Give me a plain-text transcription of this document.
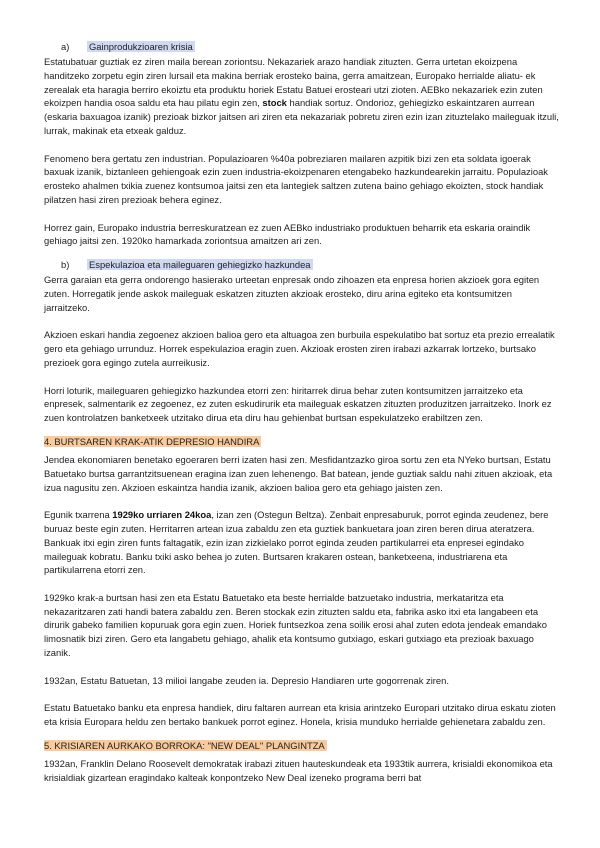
a) Gainprodukzioaren krisia

Estatubatuar guztiak ez ziren maila berean zoriontsu. Nekazariek arazo handiak zituzten. Gerra urtetan ekoizpena handitzeko zorpetu egin ziren lursail eta makina berriak erosteko baina, gerra amaitzean, Europako herrialde aliatu- ek zerealak eta haragia berriro ekoiztu eta produktu horiek Estatu Batuei erosteari utzi zioten. AEBko nekazariek ezin zuten ekoizpen handia osoa saldu eta hau pilatu egin zen, stock handiak sortuz. Ondorioz, gehiegizko eskaintzaren aurrean (eskaria baxuagoa izanik) prezioak bizkor jaitsen ari ziren eta nekazariak pobretu ziren ezin izan zituztelako maileguak itzuli, lurrak, makinak eta etxeak galduz.

Fenomeno bera gertatu zen industrian. Populazioaren %40a pobreziaren mailaren azpitik bizi zen eta soldata igoerak baxuak izanik, biztanleen gehiengoak ezin zuen industria-ekoizpenaren etengabeko hazkundearekin jarraitu. Populazioak erosteko ahalmen txikia zuenez kontsumoa jaitsi zen eta lantegiek saltzen zutena baino gehiago ekoizten, stock handiak pilatzen hasi ziren prezioak behera eginez.

Horrez gain, Europako industria berreskuratzean ez zuen AEBko industriako produktuen beharrik eta eskaria oraindik gehiago jaitsi zen. 1920ko hamarkada zoriontsua amaitzen ari zen.

b) Espekulazioa eta maileguaren gehiegizko hazkundea

Gerra garaian eta gerra ondorengo hasierako urteetan enpresak ondo zihoazen eta enpresa horien akzioek gora egiten zuten. Horregatik jende askok maileguak eskatzen zituzten akzioak erosteko, diru arina egiteko eta kontsumitzen jarraitzeko.

Akzioen eskari handia zegoenez akzioen balioa gero eta altuagoa zen burbuila espekulatibo bat sortuz eta prezio errealatik gero eta gehiago urrunduz. Horrek espekulazioa eragin zuen. Akzioak erosten ziren irabazi azkarrak lortzeko, burtsako prezioek gora egingo zutela aurreikusiz.

Horri loturik, maileguaren gehiegizko hazkundea etorri zen: hiritarrek dirua behar zuten kontsumitzen jarraitzeko eta enpresek, salmentarik ez zegoenez, ez zuten eskudirurik eta maileguak eskatzen zituzten produzitzen jarraitzeko. Inork ez zuen kontrolatzen banketxeek utzitako dirua eta diru hau gehienbat burtsan espekulatzeko erabiltzen zen.

4. BURTSAREN KRAK-ATIK DEPRESIO HANDIRA

Jendea ekonomiaren benetako egoeraren berri izaten hasi zen. Mesfidantzazko giroa sortu zen eta NYeko burtsan, Estatu Batuetako burtsa garrantzitsuenean eragina izan zuen lehenengo. Bat batean, jende guztiak saldu nahi zituen akzioak, eta izua nagusitu zen. Akzioen eskaintza handia izanik, akzioen balioa gero eta gehiago jaisten zen.

Egunik txarrena 1929ko urriaren 24koa, izan zen (Ostegun Beltza). Zenbait enpresaburuk, porrot eginda zeudenez, bere buruaz beste egin zuten. Herritarren artean izua zabaldu zen eta guztiek bankuetara joan ziren beren dirua ateratzera. Bankuak itxi egin ziren funts faltagatik, ezin izan zizkielako porrot eginda zeuden partikularrei eta enpresei egindako maileguak kobratu. Banku txiki asko behea jo zuten. Burtsaren krakaren ostean, banketxeena, industriarena eta partikularrena etorri zen.

1929ko krak-a burtsan hasi zen eta Estatu Batuetako eta beste herrialde batzuetako industria, merkataritza eta nekazaritzaren zati handi batera zabaldu zen. Beren stockak ezin zituzten saldu eta, fabrika asko itxi eta langabeen eta dirurik gabeko familien kopuruak gora egin zuen. Horiek funtsezkoa zena soilik erosi ahal zuten edota jendeak emandako limosnatik bizi ziren. Gero eta langabetu gehiago, ahalik eta kontsumo gutxiago, eskari gutxiago eta prezioak baxuago izanik.

1932an, Estatu Batuetan, 13 milioi langabe zeuden ia. Depresio Handiaren urte gogorrenak ziren.

Estatu Batuetako banku eta enpresa handiek, diru faltaren aurrean eta krisia arintzeko Europari utzitako dirua eskatu zioten eta krisia Europara heldu zen bertako bankuek porrot eginez. Honela, krisia munduko herrialde gehienetara zabaldu zen.

5. KRISIAREN AURKAKO BORROKA: "NEW DEAL" PLANGINTZA

1932an, Franklin Delano Roosevelt demokratak irabazi zituen hauteskundeak eta 1933tik aurrera, krisialdi ekonomikoa eta krisialdiak gizartean eragindako kalteak konpontzeko New Deal izeneko programa berri bat
